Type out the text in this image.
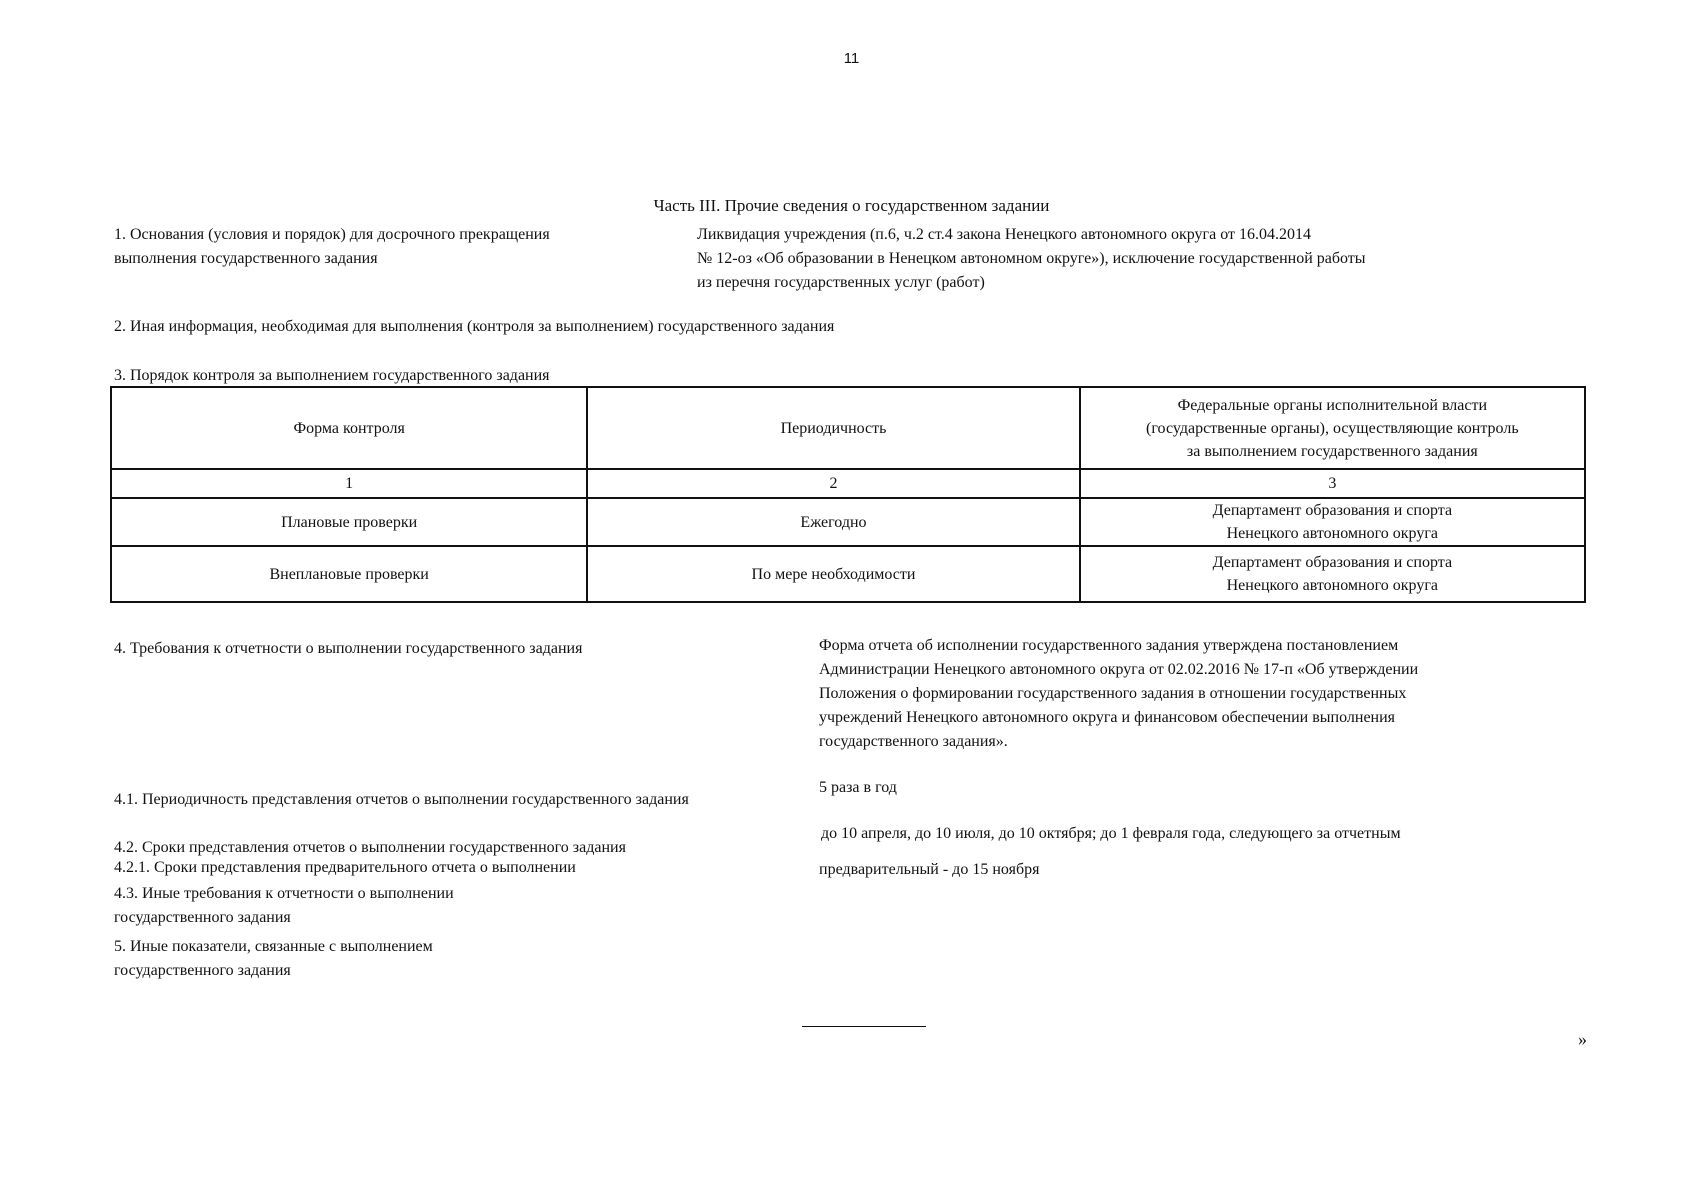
11
Часть III. Прочие сведения о государственном задании
1. Основания (условия и порядок) для досрочного прекращения
выполнения государственного задания
Ликвидация учреждения (п.6, ч.2 ст.4 закона Ненецкого автономного округа от 16.04.2014
№ 12-оз «Об образовании в Ненецком автономном округе»), исключение государственной работы
из перечня государственных услуг (работ)
2. Иная информация, необходимая для выполнения (контроля за выполнением) государственного задания
3. Порядок контроля за выполнением государственного задания
Форма контроля	Периодичность	Федеральные органы исполнительной власти
(государственные органы), осуществляющие контроль
за выполнением государственного задания

1	2	3
Плановые проверки	Ежегодно	Департамент образования и спорта
Ненецкого автономного округа

Внеплановые проверки	По мере необходимости	Департамент образования и спорта
Ненецкого автономного округа
4. Требования к отчетности о выполнении государственного задания	Форма отчета об исполнении государственного задания утверждена постановлением
Администрации Ненецкого автономного округа от 02.02.2016 № 17-п «Об утверждении
Положения о формировании государственного задания в отношении государственных
учреждений Ненецкого автономного округа и финансовом обеспечении выполнения
государственного задания».
4.1. Периодичность представления отчетов о выполнении государственного задания
5 раза в год
4.2. Сроки представления отчетов о выполнении государственного задания
до 10 апреля, до 10 июля, до 10 октября; до 1 февраля года, следующего за отчетным
4.2.1. Сроки представления предварительного отчета о выполнении	предварительный - до 15 ноября
4.3. Иные требования к отчетности о выполнении
государственного задания
5. Иные показатели, связанные с выполнением
государственного задания
»
